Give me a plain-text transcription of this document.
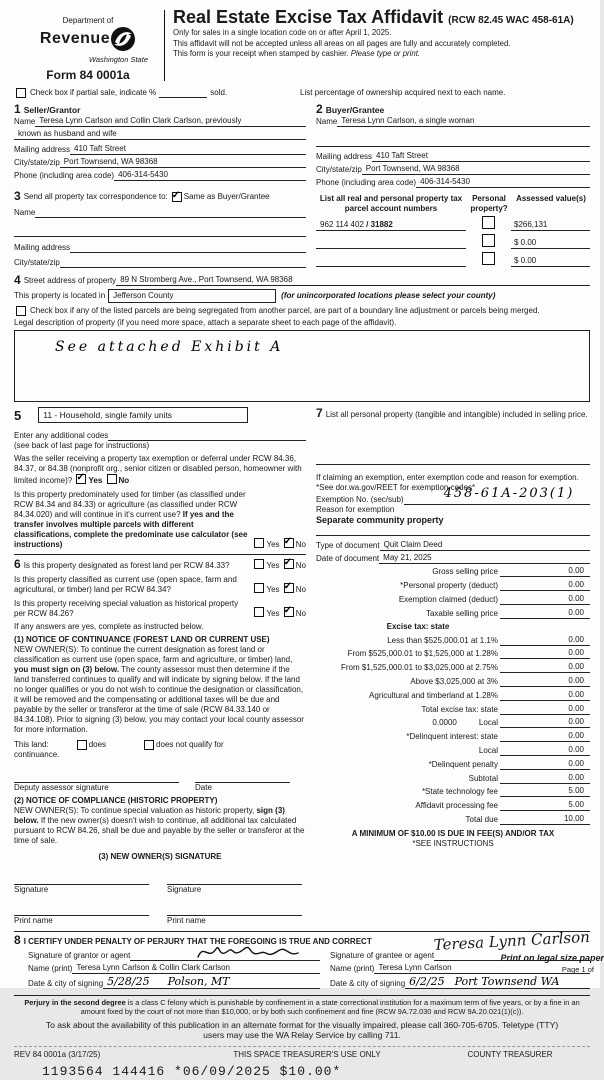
Department of
Revenue
Washington State
Form 84 0001a
Real Estate Excise Tax Affidavit (RCW 82.45 WAC 458-61A)

Only for sales in a single location code on or after April 1, 2025.

This affidavit will not be accepted unless all areas on all pages are fully and accurately completed.

This form is your receipt when stamped by cashier. Please type or print.

Check box if partial sale, indicate %	sold.	List percentage of ownership acquired next to each name.
1 Seller/Grantor
Name Teresa Lynn Carlson and Collin Clark Carlson, previously
known as husband and wife
Mailing address 410 Taft Street
City/state/zip Port Townsend, WA 98368
Phone (including area code) 406-314-5430
3 Send all property tax correspondence to: ✓ Same as Buyer/Grantee
Name
Mailing address
City/state/zip
2 Buyer/Grantee
Name Teresa Lynn Carlson, a single woman
Mailing address 410 Taft Street
City/state/zip Port Townsend, WA 98368
Phone (including area code) 406-314-5430
List all real and personal property tax parcel account numbers
Personal property?
Assessed value(s)
962 114 402 / 31882	$266,131
$ 0.00
$ 0.00
4 Street address of property 89 N Stromberg Ave., Port Townsend, WA 98368
This property is located in	Jefferson County	(for unincorporated locations please select your county)
Check box if any of the listed parcels are being segregated from another parcel, are part of a boundary line adjustment or parcels being merged.
Legal description of property (if you need more space, attach a separate sheet to each page of the affidavit).
See attached Exhibit A
5	11 - Household, single family units
Enter any additional codes
(see back of last page for instructions)
Was the seller receiving a property tax exemption or deferral under RCW 84.36, 84.37, or 84.38 (nonprofit org., senior citizen or disabled person, homeowner with limited income)? ✓ Yes No
Is this property predominately used for timber (as classified under RCW 84.34 and 84.33) or agriculture (as classified under RCW 84.34.020) and will continue in it's current use? If yes and the transfer involves multiple parcels with different classifications, complete the predominate use calculator (see instructions)	Yes ✓ No
6 Is this property designated as forest land per RCW 84.33?	Yes ✓ No
Is this property classified as current use (open space, farm and agricultural, or timber) land per RCW 84.34?	Yes ✓ No
Is this property receiving special valuation as historical property per RCW 84.26?	Yes ✓ No
If any answers are yes, complete as instructed below.
(1) NOTICE OF CONTINUANCE (FOREST LAND OR CURRENT USE)
NEW OWNER(S): To continue the current designation as forest land or classification as current use (open space, farm and agriculture, or timber) land, you must sign on (3) below. The county assessor must then determine if the land transferred continues to qualify and will indicate by signing below. If the land no longer qualifies or you do not wish to continue the designation or classification, it will be removed and the compensating or additional taxes will be due and payable by the seller or transferor at the time of sale (RCW 84.33.140 or 84.34.108). Prior to signing (3) below, you may contact your local county assessor for more information.
This land:	does	does not qualify for
continuance.
Deputy assessor signature	Date
(2) NOTICE OF COMPLIANCE (HISTORIC PROPERTY)
NEW OWNER(S): To continue special valuation as historic property, sign (3) below. If the new owner(s) doesn't wish to continue, all additional tax calculated pursuant to RCW 84.26, shall be due and payable by the seller or transferor at the time of sale.
(3) NEW OWNER(S) SIGNATURE
Signature	Signature
Print name	Print name
7 List all personal property (tangible and intangible) included in selling price.
If claiming an exemption, enter exemption code and reason for exemption. *See dor.wa.gov/REET for exemption codes*
Exemption No. (sec/sub)	458-61A-203(1)
Reason for exemption
Separate community property
Type of document Quit Claim Deed
Date of document May 21, 2025
Gross selling price	0.00
*Personal property (deduct)	0.00
Exemption claimed (deduct)	0.00
Taxable selling price	0.00
Excise tax: state
Less than $525,000.01 at 1.1%	0.00
From $525,000.01 to $1,525,000 at 1.28%	0.00
From $1,525,000.01 to $3,025,000 at 2.75%	0.00
Above $3,025,000 at 3%	0.00
Agricultural and timberland at 1.28%	0.00
Total excise tax: state	0.00
0.0000	Local	0.00
*Delinquent interest: state	0.00
Local	0.00
*Delinquent penalty	0.00
Subtotal	0.00
*State technology fee	5.00
Affidavit processing fee	5.00
Total due	10.00
A MINIMUM OF $10.00 IS DUE IN FEE(S) AND/OR TAX
*SEE INSTRUCTIONS
8 I CERTIFY UNDER PENALTY OF PERJURY THAT THE FOREGOING IS TRUE AND CORRECT
Signature of grantor or agent
Name (print) Teresa Lynn Carlson & Collin Clark Carlson
Date & city of signing 5/28/25 Polson, MT
Signature of grantee or agent
Teresa Lynn Carlson
Name (print) Teresa Lynn Carlson
Date & city of signing 6/2/25 Port Townsend WA
Perjury in the second degree is a class C felony which is punishable by confinement in a state correctional institution for a maximum term of five years, or by a fine in an amount fixed by the court of not more than $10,000, or by both such confinement and fine (RCW 9A.72.030 and RCW 9A.20.021(1)(c)).
To ask about the availability of this publication in an alternate format for the visually impaired, please call 360-705-6705. Teletype (TTY) users may use the WA Relay Service by calling 711.
REV 84 0001a (3/17/25)	THIS SPACE TREASURER'S USE ONLY	COUNTY TREASURER
1193564 144416 *06/09/2025 $10.00*
Print on legal size paper
Page 1 of
